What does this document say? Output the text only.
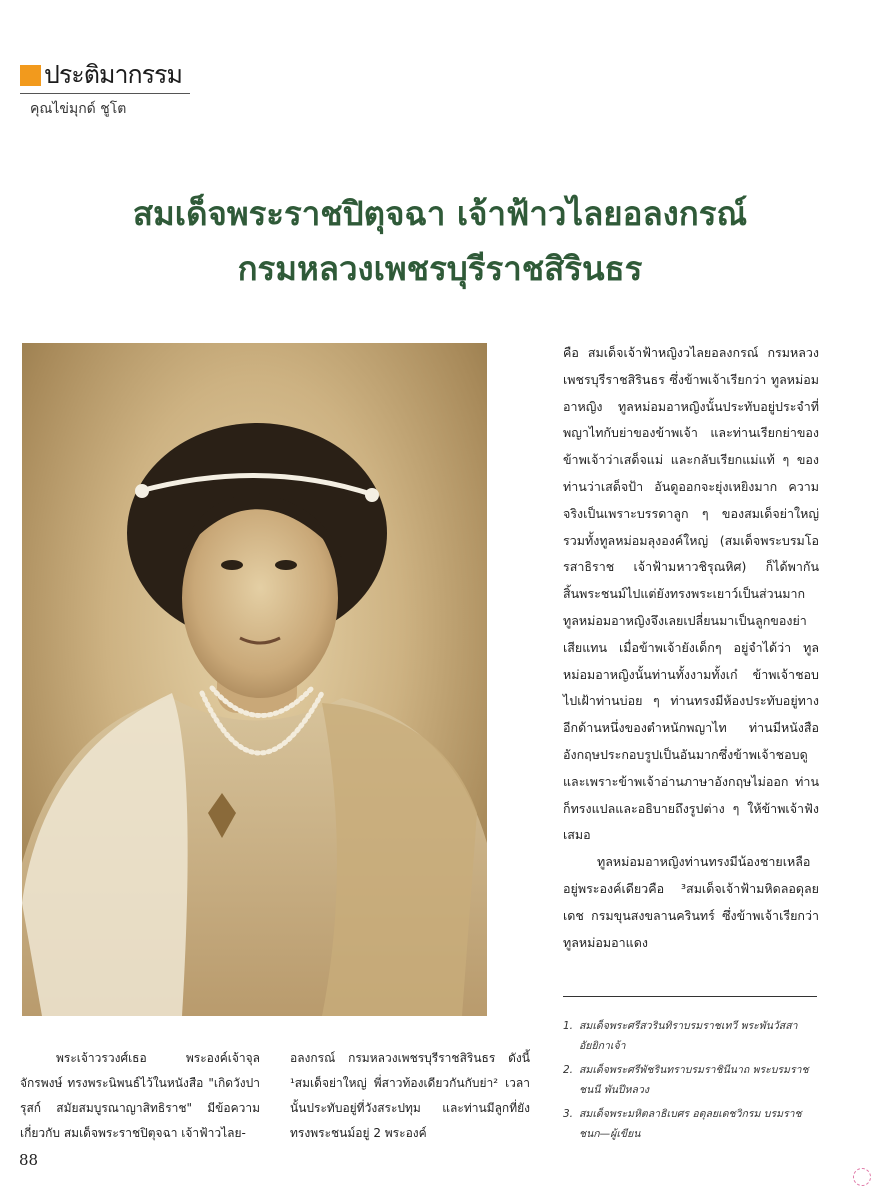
ประติมากรรม
คุณไข่มุกด์ ชูโต
สมเด็จพระราชปิตุจฉา เจ้าฟ้าวไลยอลงกรณ์
กรมหลวงเพชรบุรีราชสิรินธร

คือ สมเด็จเจ้าฟ้าหญิงวไลยอลงกรณ์ กรมหลวงเพชรบุรีราชสิรินธร ซึ่งข้าพเจ้าเรียกว่า ทูลหม่อมอาหญิง ทูลหม่อมอาหญิงนั้นประทับอยู่ประจำที่พญาไทกับย่าของข้าพเจ้า และท่านเรียกย่าของข้าพเจ้าว่าเสด็จแม่ และกลับเรียกแม่แท้ ๆ ของท่านว่าเสด็จป้า อันดูออกจะยุ่งเหยิงมาก ความจริงเป็นเพราะบรรดาลูก ๆ ของสมเด็จย่าใหญ่รวมทั้งทูลหม่อมลุงองค์ใหญ่ (สมเด็จพระบรมโอรสาธิราช เจ้าฟ้ามหาวชิรุณหิศ) ก็ได้พากันสิ้นพระชนม์ไปแต่ยังทรงพระเยาว์เป็นส่วนมาก ทูลหม่อมอาหญิงจึงเลยเปลี่ยนมาเป็นลูกของย่าเสียแทน เมื่อข้าพเจ้ายังเด็กๆ อยู่จำได้ว่า ทูลหม่อมอาหญิงนั้นท่านทั้งงามทั้งเก๋ ข้าพเจ้าชอบไปเฝ้าท่านบ่อย ๆ ท่านทรงมีห้องประทับอยู่ทางอีกด้านหนึ่งของตำหนักพญาไท ท่านมีหนังสืออังกฤษประกอบรูปเป็นอันมากซึ่งข้าพเจ้าชอบดูและเพราะข้าพเจ้าอ่านภาษาอังกฤษไม่ออก ท่านก็ทรงแปลและอธิบายถึงรูปต่าง ๆ ให้ข้าพเจ้าฟังเสมอ

ทูลหม่อมอาหญิงท่านทรงมีน้องชายเหลืออยู่พระองค์เดียวคือ ³สมเด็จเจ้าฟ้ามหิดลอดุลยเดช กรมขุนสงขลานครินทร์ ซึ่งข้าพเจ้าเรียกว่า ทูลหม่อมอาแดง

1. สมเด็จพระศรีสวรินทิราบรมราชเทวี พระพันวัสสาอัยยิกาเจ้า
2. สมเด็จพระศรีพัชรินทราบรมราชินีนาถ พระบรมราชชนนี พันปีหลวง
3. สมเด็จพระมหิตลาธิเบศร อดุลยเดชวิกรม บรมราชชนก—ผู้เขียน

พระเจ้าวรวงศ์เธอ พระองค์เจ้าจุลจักรพงษ์ ทรงพระนิพนธ์ไว้ในหนังสือ "เกิดวังปารุสก์ สมัยสมบูรณาญาสิทธิราช" มีข้อความเกี่ยวกับ สมเด็จพระราชปิตุจฉา เจ้าฟ้าวไลย-

อลงกรณ์ กรมหลวงเพชรบุรีราชสิรินธร ดังนี้ ¹สมเด็จย่าใหญ่ พี่สาวท้องเดียวกันกับย่า² เวลานั้นประทับอยู่ที่วังสระปทุม และท่านมีลูกที่ยังทรงพระชนม์อยู่ 2 พระองค์

88
